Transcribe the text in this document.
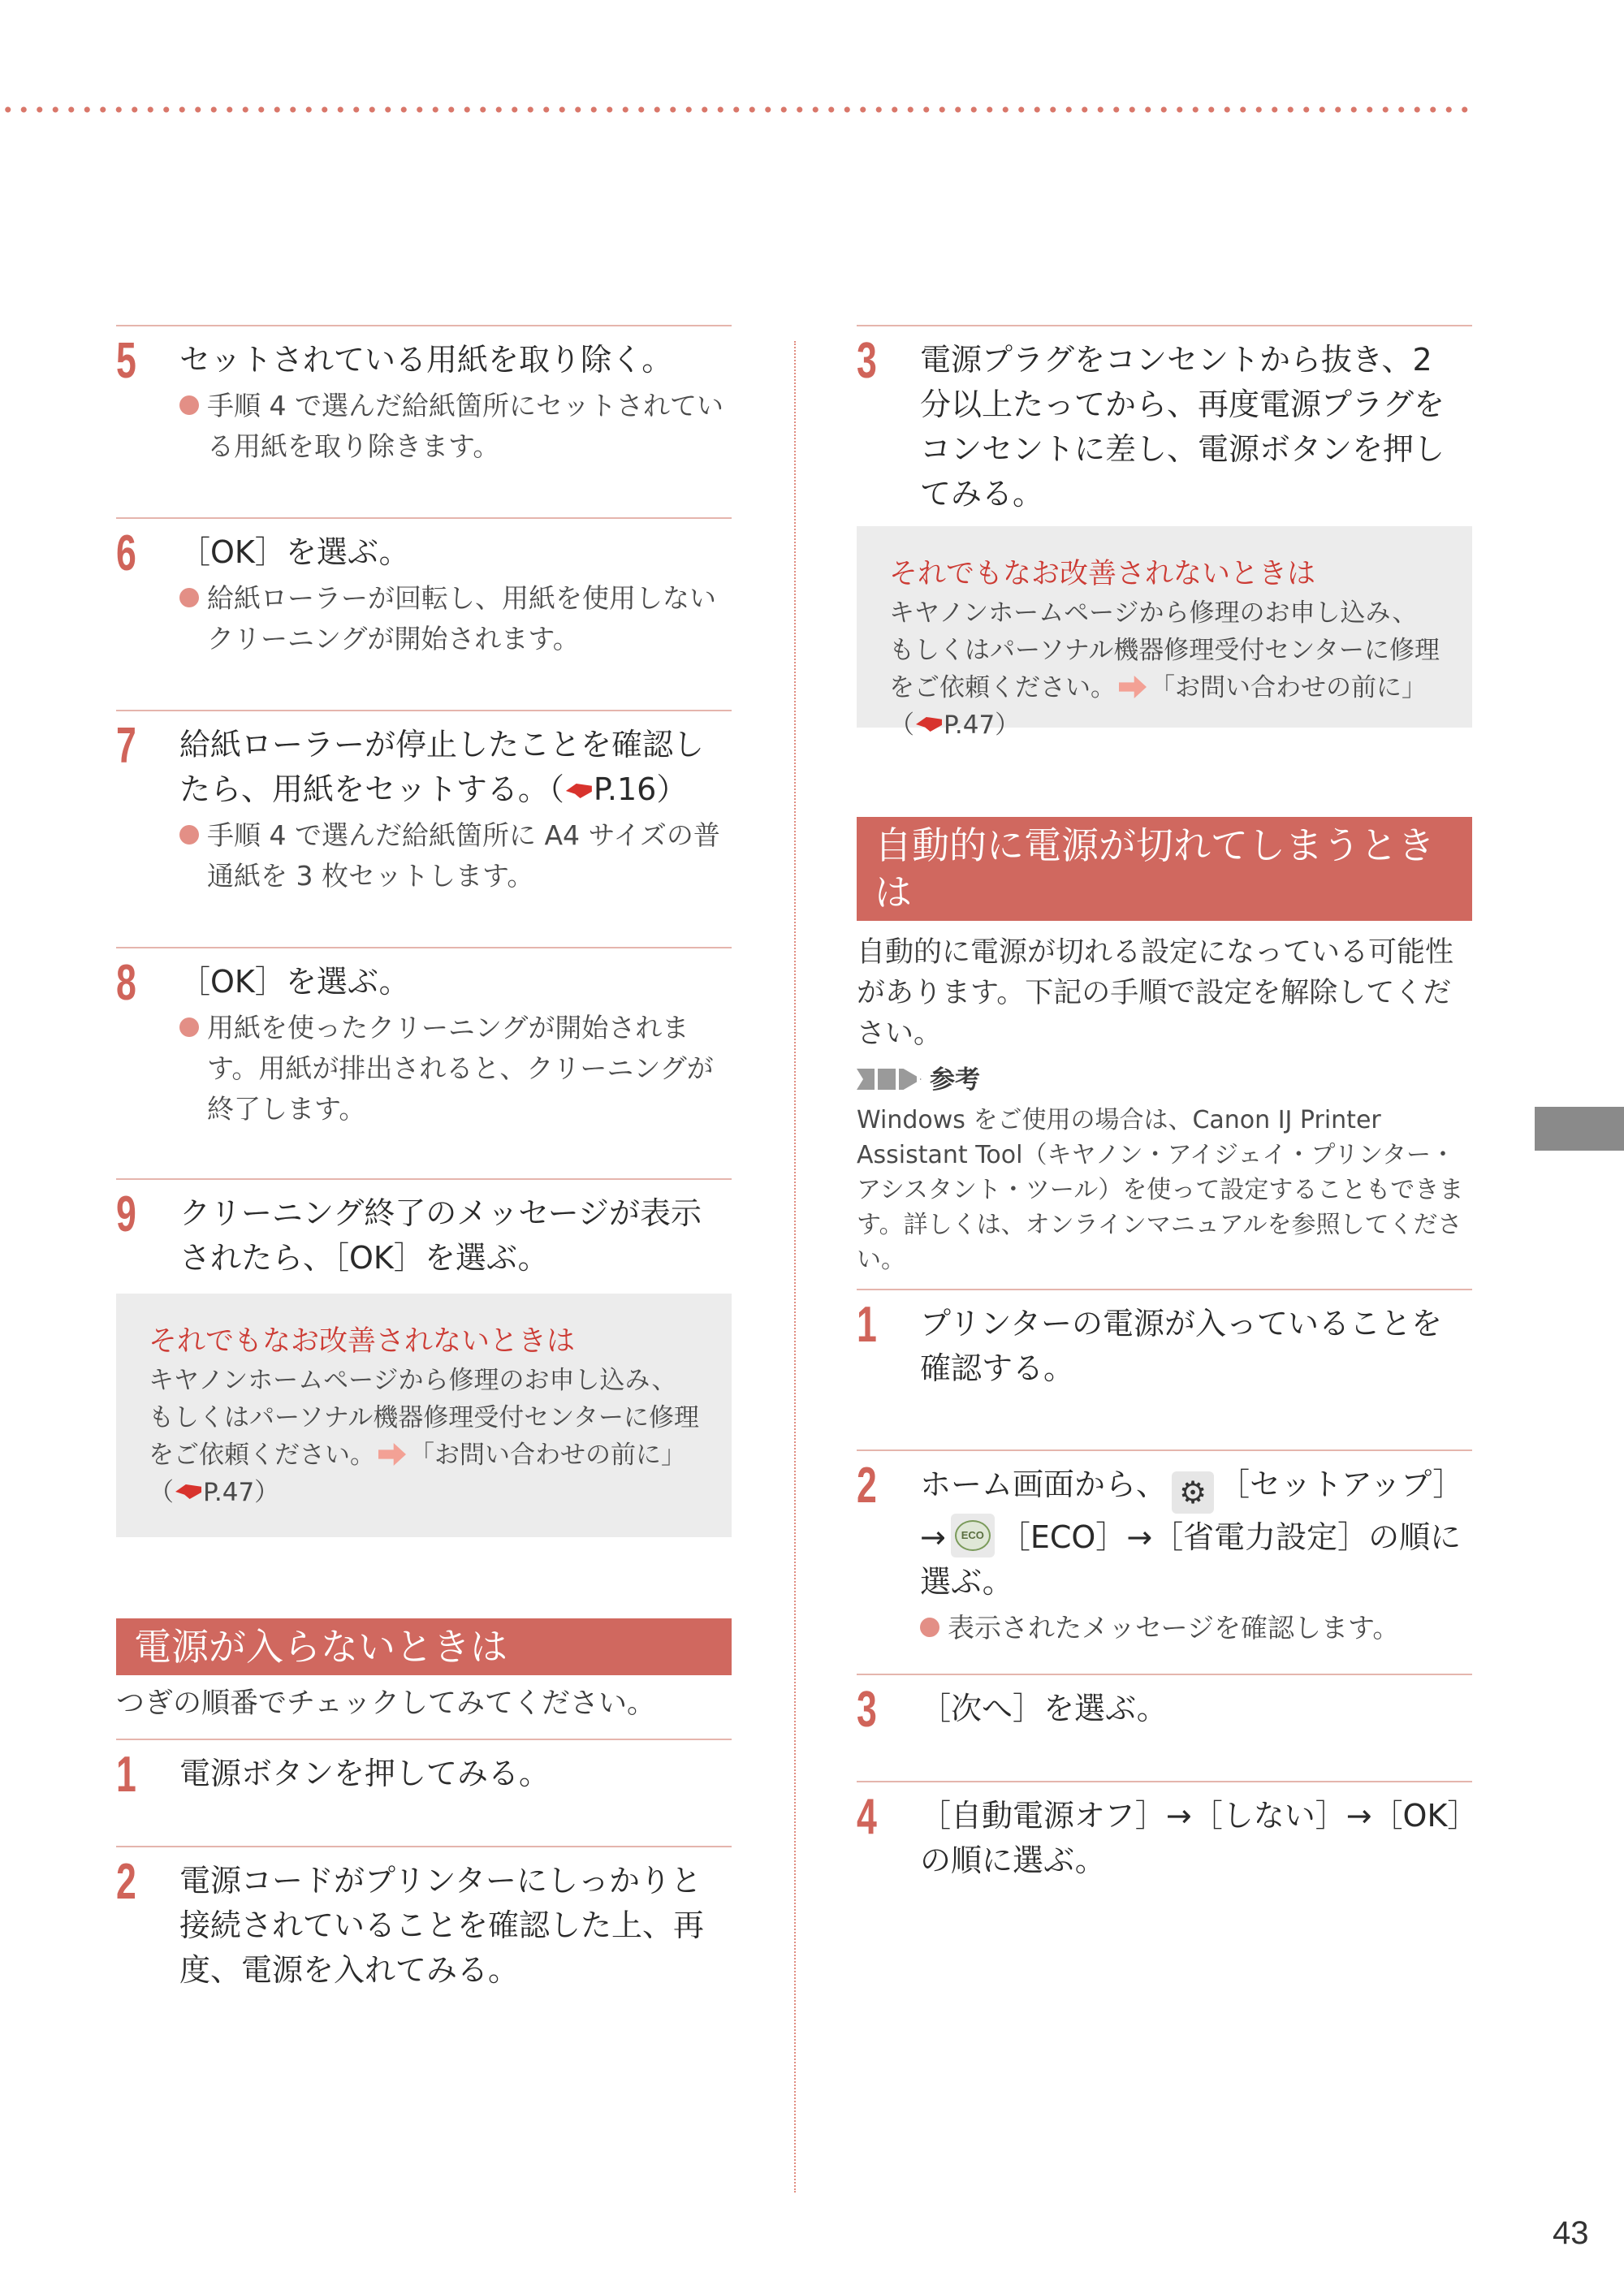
5	セットされている用紙を取り除く。
手順 4 で選んだ給紙箇所にセットされている用紙を取り除きます。
6	［OK］を選ぶ。
給紙ローラーが回転し、用紙を使用しないクリーニングが開始されます。
7	給紙ローラーが停止したことを確認したら、用紙をセットする。（ P.16）
手順 4 で選んだ給紙箇所に A4 サイズの普通紙を 3 枚セットします。
8	［OK］を選ぶ。
用紙を使ったクリーニングが開始されます。用紙が排出されると、クリーニングが終了します。
9	クリーニング終了のメッセージが表示されたら、［OK］を選ぶ。
それでもなお改善されないときは
キヤノンホームページから修理のお申し込み、もしくはパーソナル機器修理受付センターに修理をご依頼ください。 「お問い合わせの前に」
（ P.47）
電源が入らないときは
つぎの順番でチェックしてみてください。
1	電源ボタンを押してみる。
2	電源コードがプリンターにしっかりと接続されていることを確認した上、再度、電源を入れてみる。
3	電源プラグをコンセントから抜き、2 分以上たってから、再度電源プラグをコンセントに差し、電源ボタンを押してみる。
それでもなお改善されないときは
キヤノンホームページから修理のお申し込み、もしくはパーソナル機器修理受付センターに修理をご依頼ください。 「お問い合わせの前に」
（ P.47）
自動的に電源が切れてしまうときは
自動的に電源が切れる設定になっている可能性があります。下記の手順で設定を解除してください。
参考
Windows をご使用の場合は、Canon IJ Printer Assistant Tool（キヤノン・アイジェイ・プリンター・アシスタント・ツール）を使って設定することもできます。詳しくは、オンラインマニュアルを参照してください。
1	プリンターの電源が入っていることを確認する。
2	ホーム画面から、 ⚙ ［セットアップ］
→	ECO ［ECO］→［省電力設定］の順に選ぶ。
表示されたメッセージを確認します。
3	［次へ］を選ぶ。
4	［自動電源オフ］→［しない］→［OK］の順に選ぶ。
43
